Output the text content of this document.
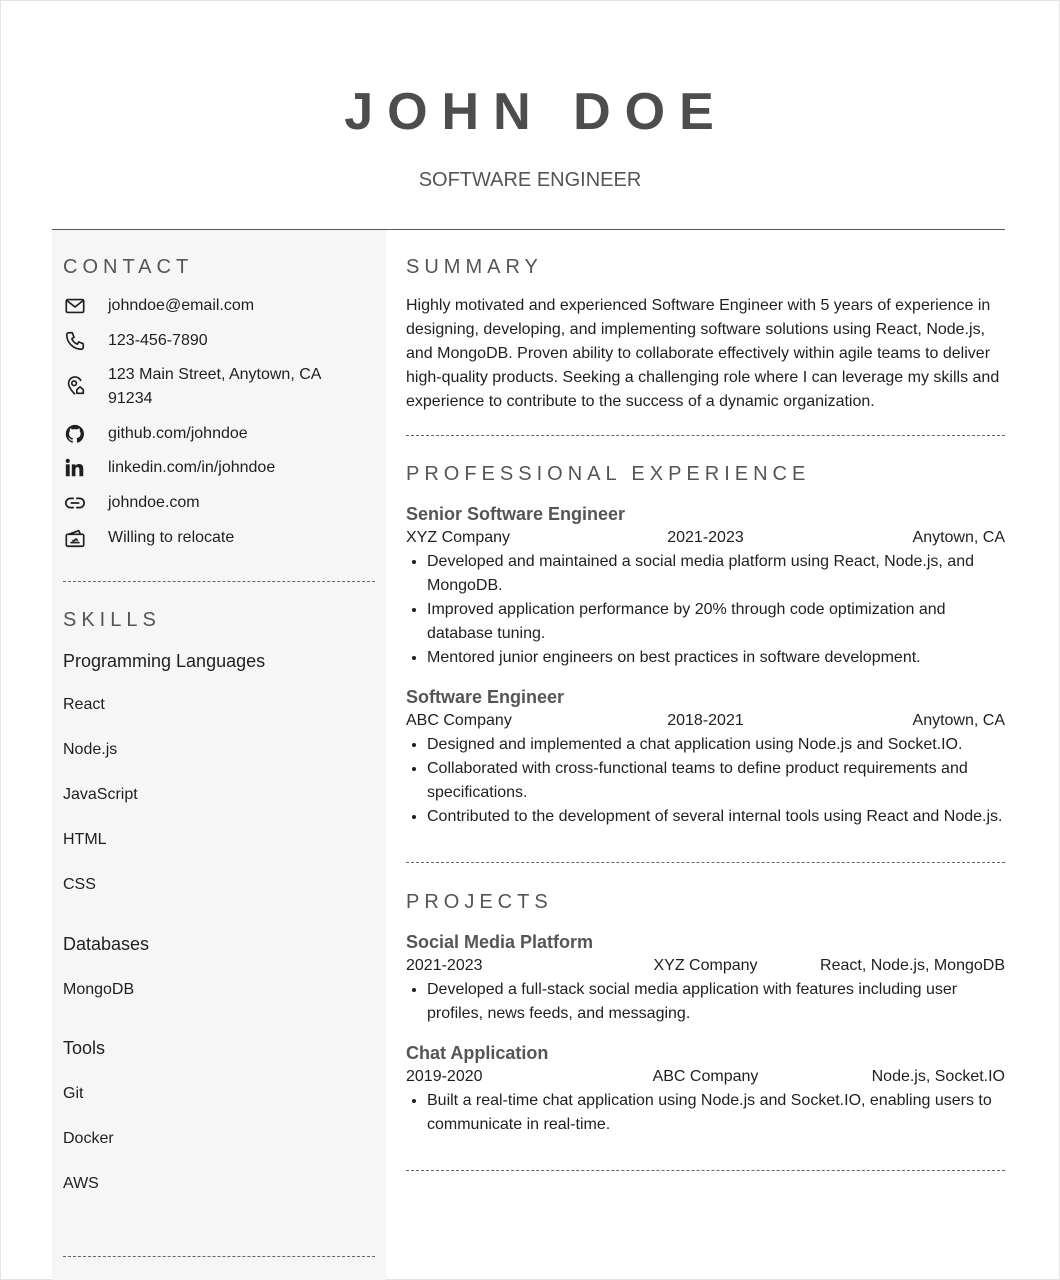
JOHN DOE
SOFTWARE ENGINEER
CONTACT
johndoe@email.com
123-456-7890
123 Main Street, Anytown, CA 91234
github.com/johndoe
linkedin.com/in/johndoe
johndoe.com
Willing to relocate
SKILLS
Programming Languages
React
Node.js
JavaScript
HTML
CSS
Databases
MongoDB
Tools
Git
Docker
AWS
SUMMARY

Highly motivated and experienced Software Engineer with 5 years of experience in designing, developing, and implementing software solutions using React, Node.js, and MongoDB. Proven ability to collaborate effectively within agile teams to deliver high-quality products. Seeking a challenging role where I can leverage my skills and experience to contribute to the success of a dynamic organization.

PROFESSIONAL EXPERIENCE
Senior Software Engineer
XYZ Company	2021-2023	Anytown, CA
• Developed and maintained a social media platform using React, Node.js, and MongoDB.
• Improved application performance by 20% through code optimization and database tuning.
• Mentored junior engineers on best practices in software development.
Software Engineer
ABC Company	2018-2021	Anytown, CA
• Designed and implemented a chat application using Node.js and Socket.IO.
• Collaborated with cross-functional teams to define product requirements and specifications.
• Contributed to the development of several internal tools using React and Node.js.
PROJECTS
Social Media Platform
2021-2023	XYZ Company	React, Node.js, MongoDB
• Developed a full-stack social media application with features including user profiles, news feeds, and messaging.
Chat Application
2019-2020	ABC Company	Node.js, Socket.IO
• Built a real-time chat application using Node.js and Socket.IO, enabling users to communicate in real-time.
